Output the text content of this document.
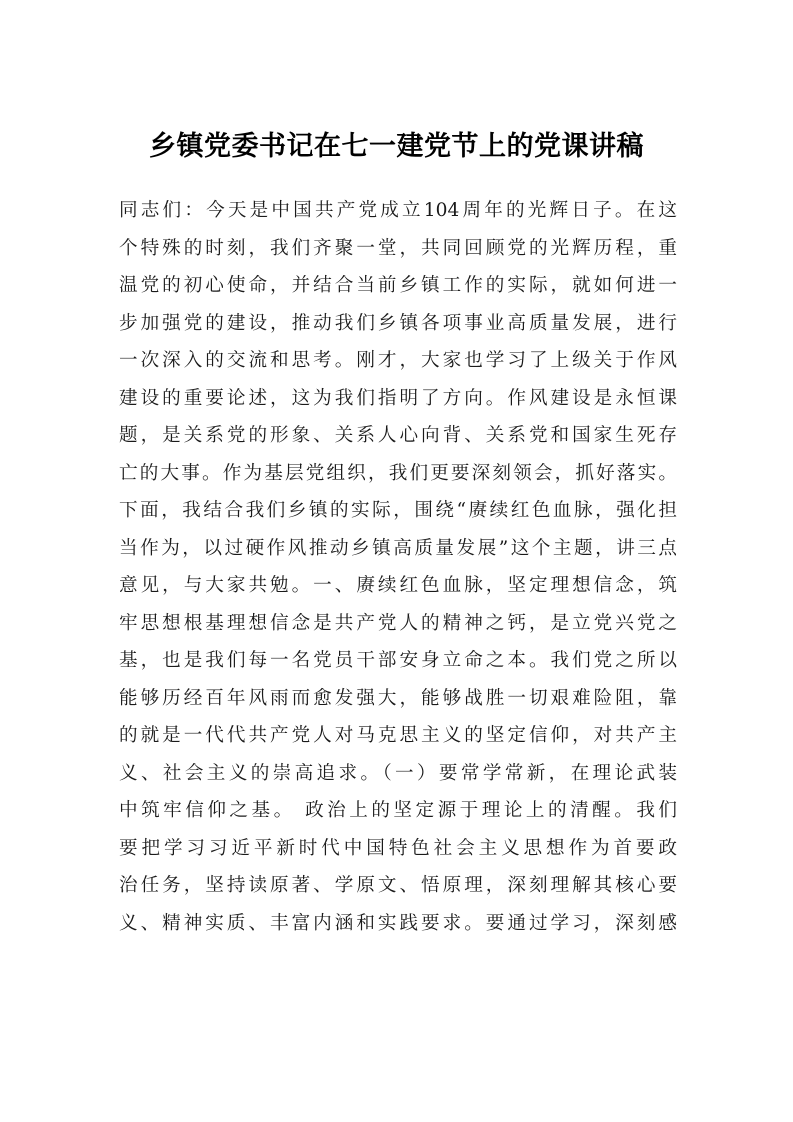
乡镇党委书记在七一建党节上的党课讲稿
同志们：今天是中国共产党成立104周年的光辉日子。在这
个特殊的时刻，我们齐聚一堂，共同回顾党的光辉历程，重
温党的初心使命，并结合当前乡镇工作的实际，就如何进一
步加强党的建设，推动我们乡镇各项事业高质量发展，进行
一次深入的交流和思考。刚才，大家也学习了上级关于作风
建设的重要论述，这为我们指明了方向。作风建设是永恒课
题，是关系党的形象、关系人心向背、关系党和国家生死存
亡的大事。作为基层党组织，我们更要深刻领会，抓好落实。
下面，我结合我们乡镇的实际，围绕“赓续红色血脉，强化担
当作为，以过硬作风推动乡镇高质量发展”这个主题，讲三点
意见，与大家共勉。一、赓续红色血脉，坚定理想信念，筑
牢思想根基理想信念是共产党人的精神之钙，是立党兴党之
基，也是我们每一名党员干部安身立命之本。我们党之所以
能够历经百年风雨而愈发强大，能够战胜一切艰难险阻，靠
的就是一代代共产党人对马克思主义的坚定信仰，对共产主
义、社会主义的崇高追求。（一）要常学常新，在理论武装
中筑牢信仰之基。 政治上的坚定源于理论上的清醒。我们
要把学习习近平新时代中国特色社会主义思想作为首要政
治任务，坚持读原著、学原文、悟原理，深刻理解其核心要
义、精神实质、丰富内涵和实践要求。要通过学习，深刻感
